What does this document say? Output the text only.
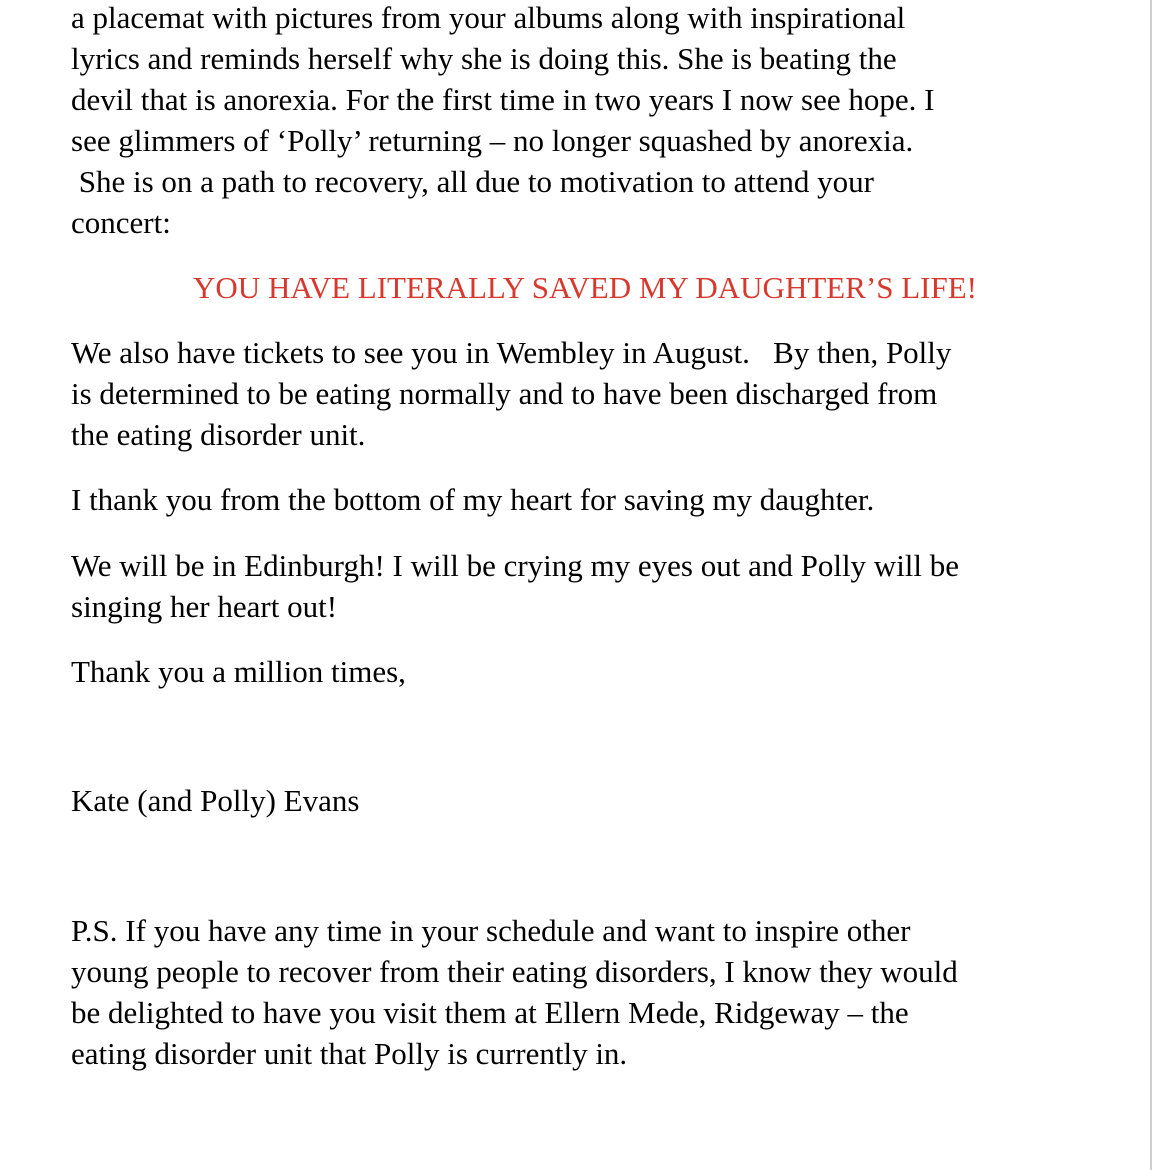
a placemat with pictures from your albums along with inspirational
lyrics and reminds herself why she is doing this. She is beating the
devil that is anorexia. For the first time in two years I now see hope. I
see glimmers of ‘Polly’ returning – no longer squashed by anorexia.
She is on a path to recovery, all due to motivation to attend your
concert:

YOU HAVE LITERALLY SAVED MY DAUGHTER’S LIFE!

We also have tickets to see you in Wembley in August.   By then, Polly
is determined to be eating normally and to have been discharged from
the eating disorder unit.
I thank you from the bottom of my heart for saving my daughter.
We will be in Edinburgh! I will be crying my eyes out and Polly will be
singing her heart out!
Thank you a million times,
Kate (and Polly) Evans
P.S. If you have any time in your schedule and want to inspire other
young people to recover from their eating disorders, I know they would
be delighted to have you visit them at Ellern Mede, Ridgeway – the
eating disorder unit that Polly is currently in.
